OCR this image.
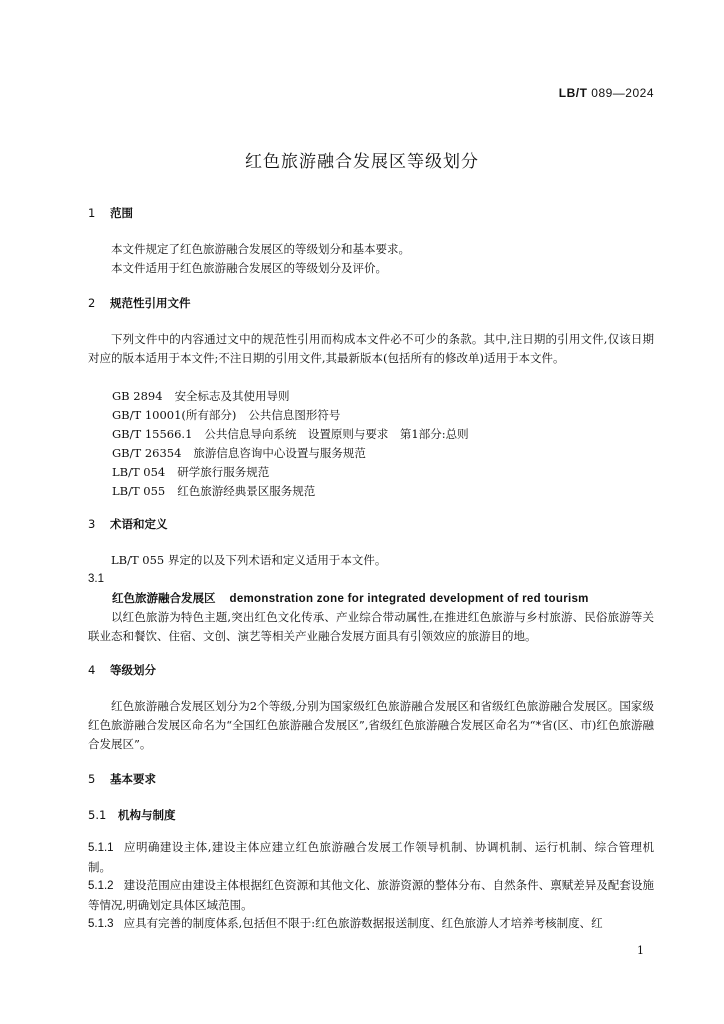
LB/T 089—2024
红色旅游融合发展区等级划分
1 范围
本文件规定了红色旅游融合发展区的等级划分和基本要求。
本文件适用于红色旅游融合发展区的等级划分及评价。
2 规范性引用文件
下列文件中的内容通过文中的规范性引用而构成本文件必不可少的条款。其中,注日期的引用文件,仅该日期对应的版本适用于本文件;不注日期的引用文件,其最新版本(包括所有的修改单)适用于本文件。
GB 2894 安全标志及其使用导则
GB/T 10001(所有部分) 公共信息图形符号
GB/T 15566.1 公共信息导向系统　设置原则与要求　第1部分:总则
GB/T 26354 旅游信息咨询中心设置与服务规范
LB/T 054 研学旅行服务规范
LB/T 055 红色旅游经典景区服务规范
3 术语和定义
LB/T 055 界定的以及下列术语和定义适用于本文件。
3.1
红色旅游融合发展区 demonstration zone for integrated development of red tourism
以红色旅游为特色主题,突出红色文化传承、产业综合带动属性,在推进红色旅游与乡村旅游、民俗旅游等关联业态和餐饮、住宿、文创、演艺等相关产业融合发展方面具有引领效应的旅游目的地。
4 等级划分
红色旅游融合发展区划分为2个等级,分别为国家级红色旅游融合发展区和省级红色旅游融合发展区。国家级红色旅游融合发展区命名为“全国红色旅游融合发展区”,省级红色旅游融合发展区命名为“*省(区、市)红色旅游融合发展区”。
5 基本要求
5.1 机构与制度
5.1.1 应明确建设主体,建设主体应建立红色旅游融合发展工作领导机制、协调机制、运行机制、综合管理机制。
5.1.2 建设范围应由建设主体根据红色资源和其他文化、旅游资源的整体分布、自然条件、禀赋差异及配套设施等情况,明确划定具体区域范围。
5.1.3 应具有完善的制度体系,包括但不限于:红色旅游数据报送制度、红色旅游人才培养考核制度、红
1
